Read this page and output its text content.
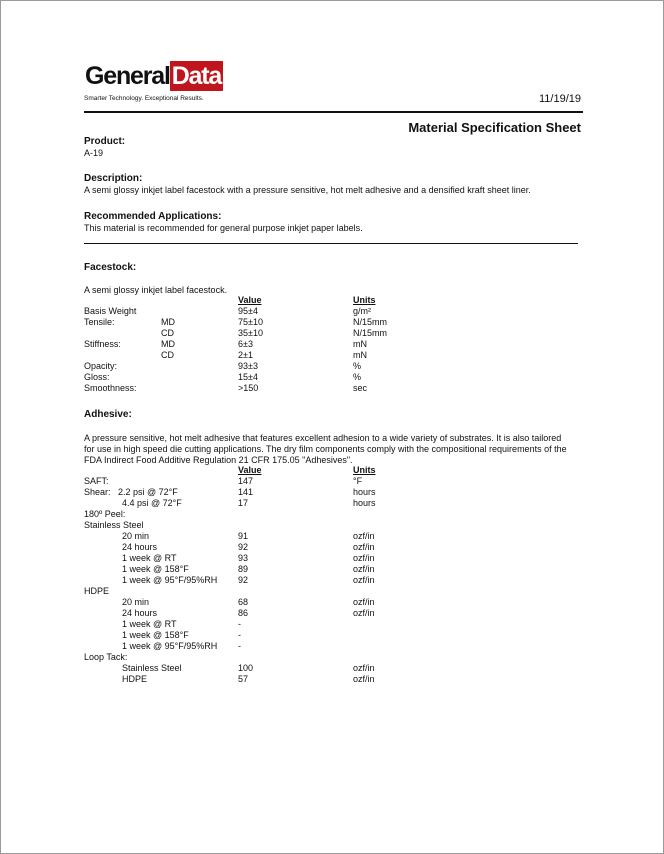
General Data
Smarter Technology. Exceptional Results.	11/19/19
Material Specification Sheet
Product:
A-19
Description:
A semi glossy inkjet label facestock with a pressure sensitive, hot melt adhesive and a densified kraft sheet liner.
Recommended Applications:
This material is recommended for general purpose inkjet paper labels.
Facestock:
A semi glossy inkjet label facestock.
Value	Units
Basis Weight	95±4	g/m²
Tensile:	MD	75±10	N/15mm
CD	35±10	N/15mm
Stiffness:	MD	6±3	mN
CD	2±1	mN
Opacity:	93±3	%
Gloss:	15±4	%
Smoothness:	>150	sec
Adhesive:
A pressure sensitive, hot melt adhesive that features excellent adhesion to a wide variety of substrates. It is also tailored for use in high speed die cutting applications. The dry film components comply with the compositional requirements of the FDA Indirect Food Additive Regulation 21 CFR 175.05 "Adhesives".
Value	Units
SAFT:	147	°F
Shear:   2.2 psi @ 72°F	141	hours
4.4 psi @ 72°F	17	hours
180º Peel:
Stainless Steel
20 min	91	ozf/in
24 hours	92	ozf/in
1 week @ RT	93	ozf/in
1 week @ 158°F	89	ozf/in
1 week @ 95°F/95%RH 92	ozf/in
HDPE
20 min	68	ozf/in
24 hours	86	ozf/in
1 week @ RT	-
1 week @ 158°F	-
1 week @ 95°F/95%RH -
Loop Tack:
Stainless Steel	100	ozf/in
HDPE	57	ozf/in
